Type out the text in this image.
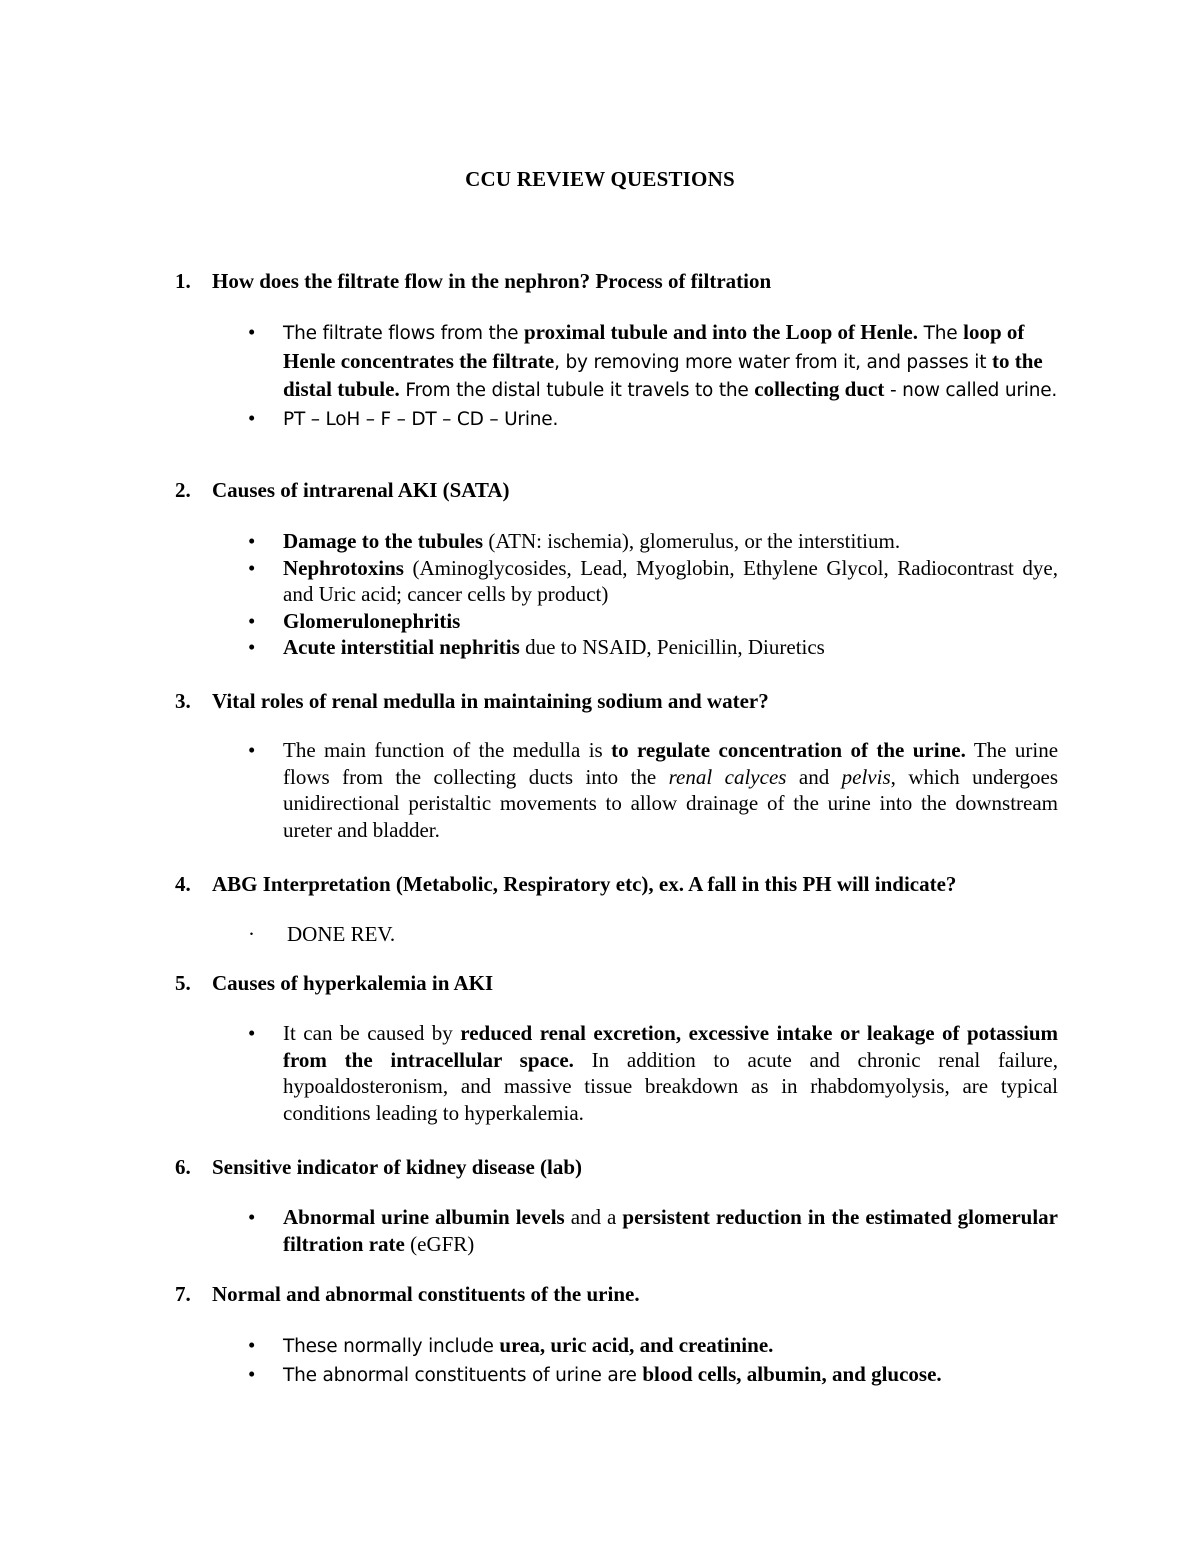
CCU REVIEW QUESTIONS
1. How does the filtrate flow in the nephron? Process of filtration
• The filtrate flows from the proximal tubule and into the Loop of Henle. The loop of Henle concentrates the filtrate, by removing more water from it, and passes it to the distal tubule. From the distal tubule it travels to the collecting duct - now called urine.
• PT – LoH – F – DT – CD – Urine.
2. Causes of intrarenal AKI (SATA)
• Damage to the tubules (ATN: ischemia), glomerulus, or the interstitium.
• Nephrotoxins (Aminoglycosides, Lead, Myoglobin, Ethylene Glycol, Radiocontrast dye, and Uric acid; cancer cells by product)
• Glomerulonephritis
• Acute interstitial nephritis due to NSAID, Penicillin, Diuretics
3. Vital roles of renal medulla in maintaining sodium and water?
• The main function of the medulla is to regulate concentration of the urine. The urine flows from the collecting ducts into the renal calyces and pelvis, which undergoes unidirectional peristaltic movements to allow drainage of the urine into the downstream ureter and bladder.
4. ABG Interpretation (Metabolic, Respiratory etc), ex. A fall in this PH will indicate?
· DONE REV.
5. Causes of hyperkalemia in AKI
• It can be caused by reduced renal excretion, excessive intake or leakage of potassium from the intracellular space. In addition to acute and chronic renal failure, hypoaldosteronism, and massive tissue breakdown as in rhabdomyolysis, are typical conditions leading to hyperkalemia.
6. Sensitive indicator of kidney disease (lab)
• Abnormal urine albumin levels and a persistent reduction in the estimated glomerular filtration rate (eGFR)
7. Normal and abnormal constituents of the urine.
• These normally include urea, uric acid, and creatinine.
• The abnormal constituents of urine are blood cells, albumin, and glucose.
